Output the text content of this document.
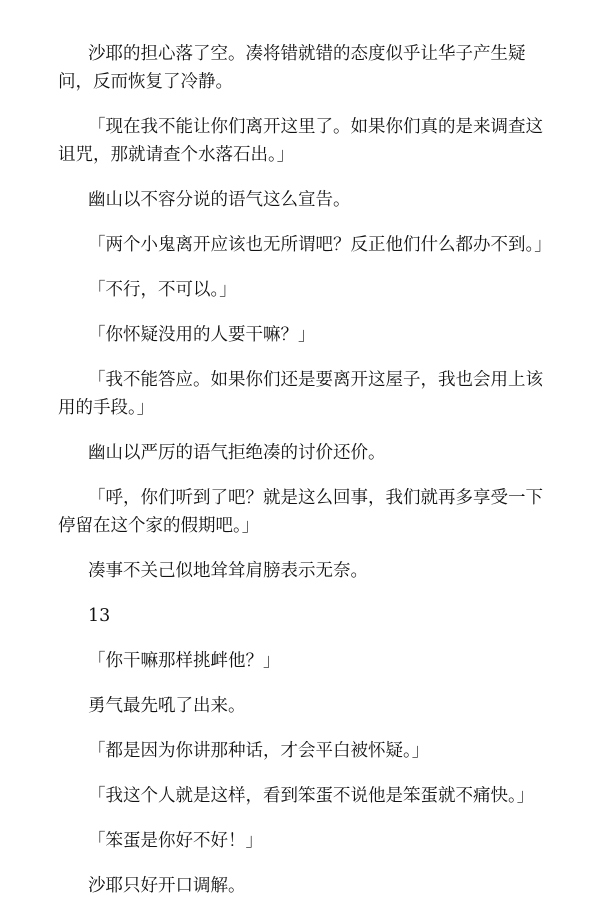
沙耶的担心落了空。凑将错就错的态度似乎让华子产生疑问，反而恢复了冷静。

「现在我不能让你们离开这里了。如果你们真的是来调查这诅咒，那就请查个水落石出。」

幽山以不容分说的语气这么宣告。

「两个小鬼离开应该也无所谓吧？反正他们什么都办不到。」

「不行，不可以。」

「你怀疑没用的人要干嘛？」

「我不能答应。如果你们还是要离开这屋子，我也会用上该用的手段。」

幽山以严厉的语气拒绝凑的讨价还价。

「呼，你们听到了吧？就是这么回事，我们就再多享受一下停留在这个家的假期吧。」

凑事不关己似地耸耸肩膀表示无奈。

13

「你干嘛那样挑衅他？」

勇气最先吼了出来。

「都是因为你讲那种话，才会平白被怀疑。」

「我这个人就是这样，看到笨蛋不说他是笨蛋就不痛快。」

「笨蛋是你好不好！」

沙耶只好开口调解。
